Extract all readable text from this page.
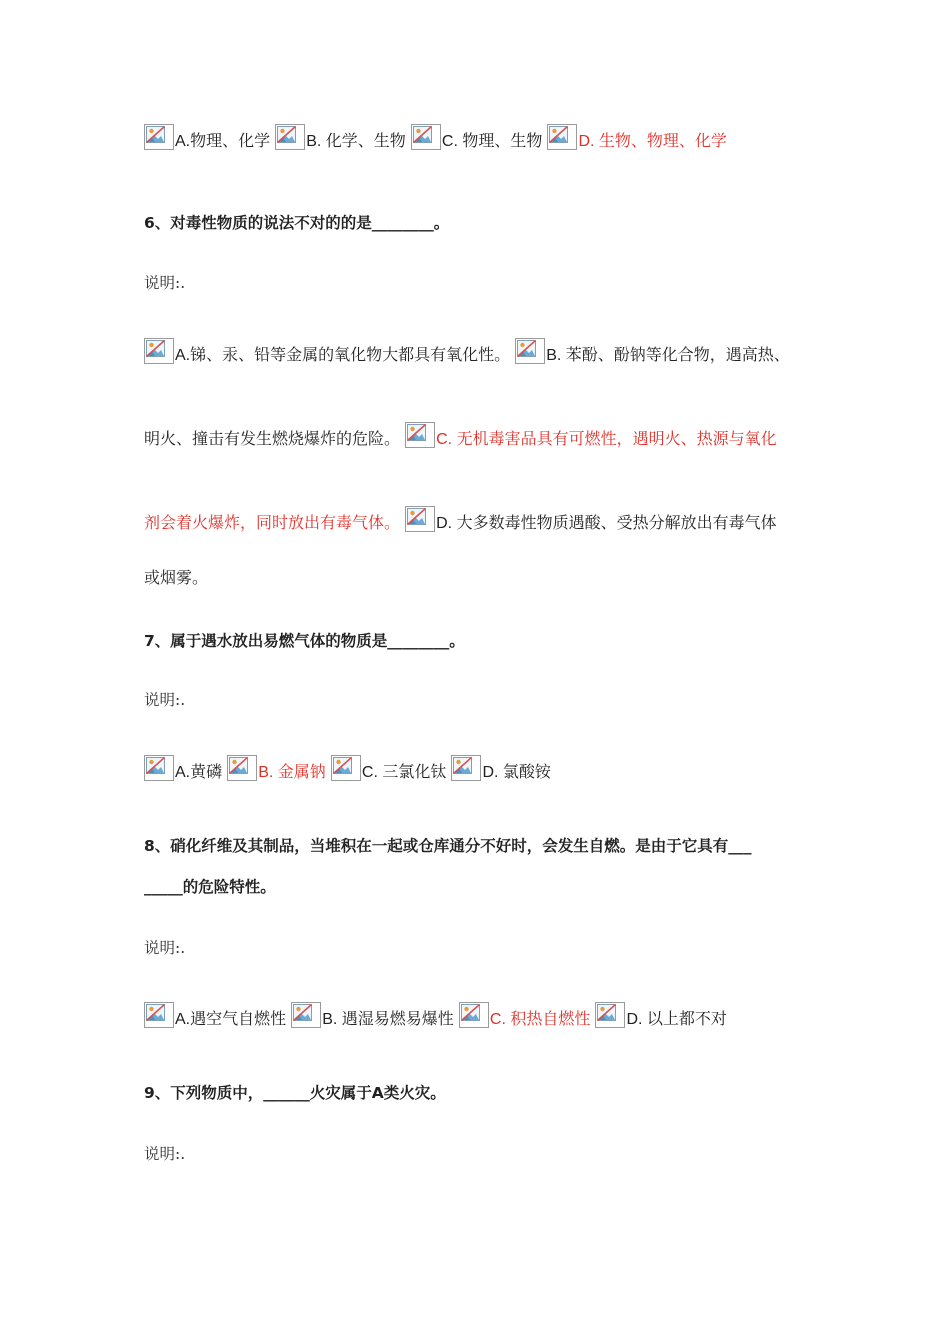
A.物理、化学 B. 化学、生物 C. 物理、生物 D. 生物、物理、化学
6、对毒性物质的说法不对的的是________。
说明:.
A.锑、汞、铅等金属的氧化物大都具有氧化性。 B. 苯酚、酚钠等化合物，遇高热、
明火、撞击有发生燃烧爆炸的危险。 C. 无机毒害品具有可燃性，遇明火、热源与氧化
剂会着火爆炸，同时放出有毒气体。 D. 大多数毒性物质遇酸、受热分解放出有毒气体
或烟雾。
7、属于遇水放出易燃气体的物质是________。
说明:.
A.黄磷 B. 金属钠 C. 三氯化钛 D. 氯酸铵
8、硝化纤维及其制品，当堆积在一起或仓库通分不好时，会发生自燃。是由于它具有___
_____的危险特性。
说明:.
A.遇空气自燃性 B. 遇湿易燃易爆性 C. 积热自燃性 D. 以上都不对
9、下列物质中，______火灾属于A类火灾。
说明:.
